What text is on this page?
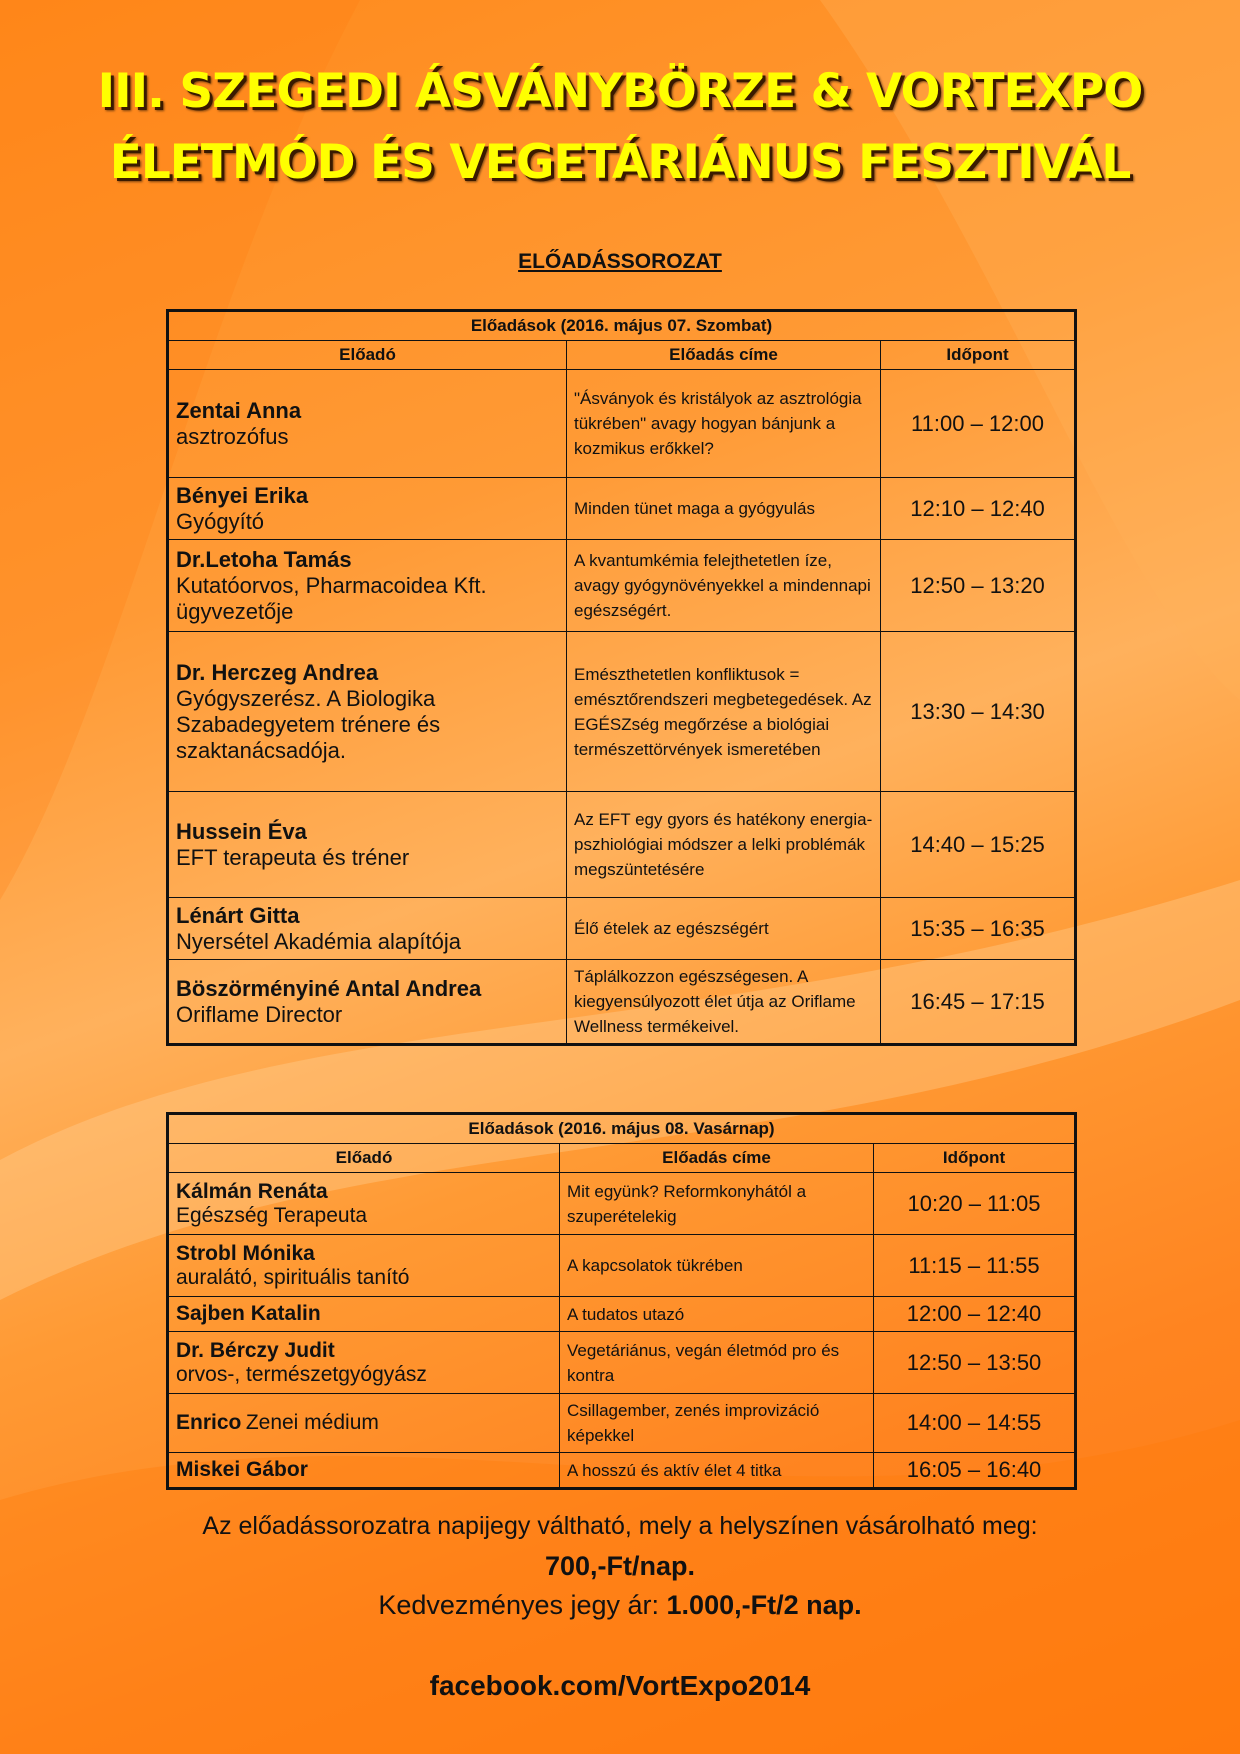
III. SZEGEDI ÁSVÁNYBÖRZE & VORTEXPO
ÉLETMÓD ÉS VEGETÁRIÁNUS FESZTIVÁL
ELŐADÁSSOROZAT
Előadások (2016. május 07. Szombat)		
Előadó	Előadás címe	Időpont
Zentai Anna
asztrozófus	"Ásványok és kristályok az asztrológia tükrében" avagy hogyan bánjunk a kozmikus erőkkel?	11:00 – 12:00
Bényei Erika
Gyógyító	Minden tünet maga a gyógyulás	12:10 – 12:40
Dr.Letoha Tamás
Kutatóorvos, Pharmacoidea Kft. ügyvezetője	A kvantumkémia felejthetetlen íze, avagy gyógynövényekkel a mindennapi egészségért.	12:50 – 13:20
Dr. Herczeg Andrea
Gyógyszerész. A Biologika Szabadegyetem trénere és szaktanácsadója.	Emészthetetlen konfliktusok = emésztőrendszeri megbetegedések. Az EGÉSZség megőrzése a biológiai természettörvények ismeretében	13:30 – 14:30
Hussein Éva
EFT terapeuta és tréner	Az EFT egy gyors és hatékony energia-pszhiológiai módszer a lelki problémák megszüntetésére	14:40 – 15:25
Lénárt Gitta
Nyersétel Akadémia alapítója	Élő ételek az egészségért	15:35 – 16:35
Böszörményiné Antal Andrea
Oriflame Director	Táplálkozzon egészségesen. A kiegyensúlyozott élet útja az Oriflame Wellness termékeivel.	16:45 – 17:15
Előadások (2016. május 08. Vasárnap)		
Előadó	Előadás címe	Időpont
Kálmán Renáta
Egészség Terapeuta	Mit együnk? Reformkonyhától a szuperételekig	10:20 – 11:05
Strobl Mónika
auralátó, spirituális tanító	A kapcsolatok tükrében	11:15 – 11:55
Sajben Katalin	A tudatos utazó	12:00 – 12:40
Dr. Bérczy Judit
orvos-, természetgyógyász	Vegetáriánus, vegán életmód pro és kontra	12:50 – 13:50
Enrico Zenei médium	Csillagember, zenés improvizáció képekkel	14:00 – 14:55
Miskei Gábor	A hosszú és aktív élet 4 titka	16:05 – 16:40
Az előadássorozatra napijegy váltható, mely a helyszínen vásárolható meg:
700,-Ft/nap.
Kedvezményes jegy ár: 1.000,-Ft/2 nap.
facebook.com/VortExpo2014
